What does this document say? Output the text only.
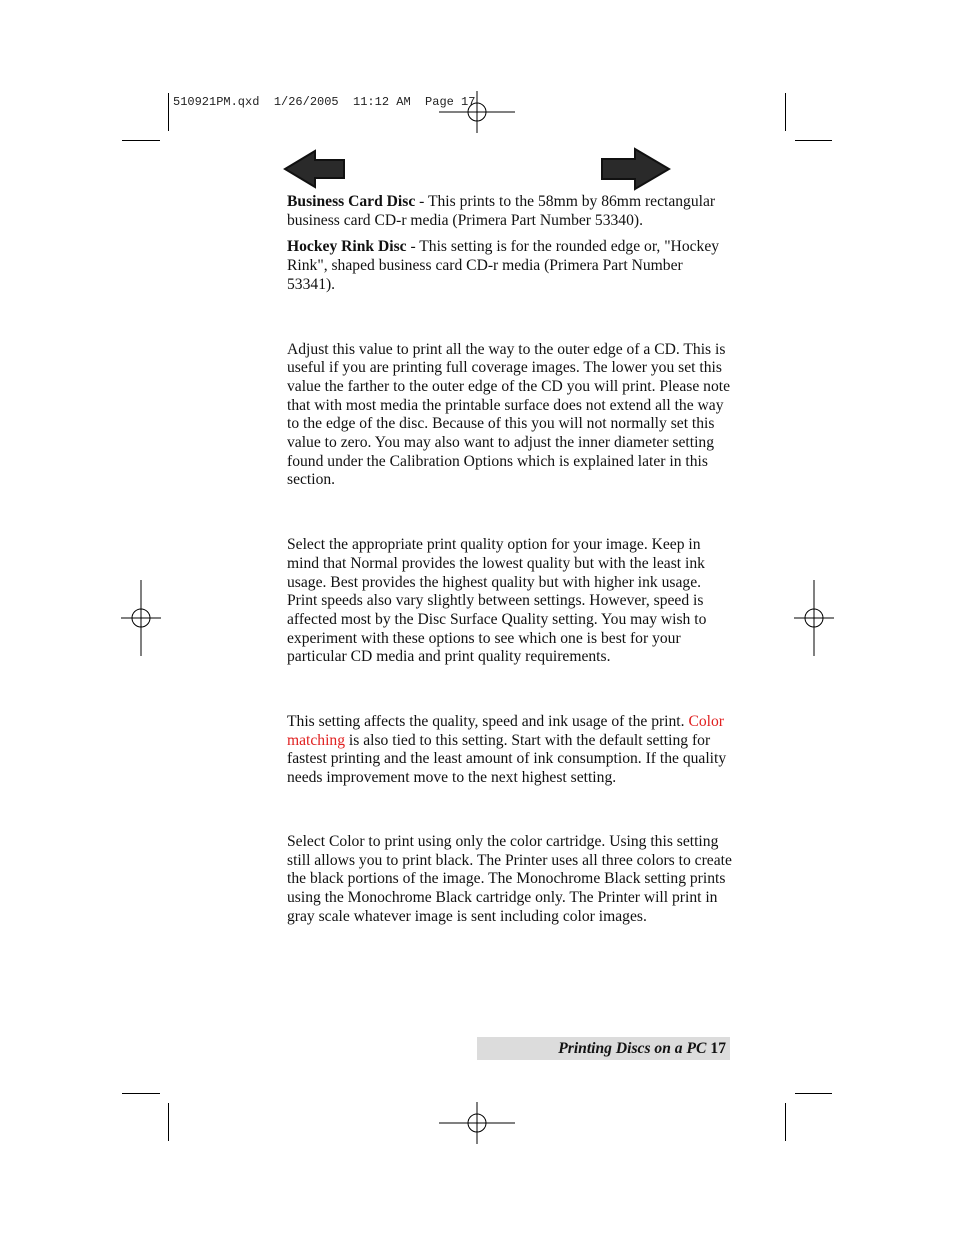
510921PM.qxd  1/26/2005  11:12 AM  Page 17

Business Card Disc - This prints to the 58mm by 86mm rectangular business card CD-r media (Primera Part Number 53340).

Hockey Rink Disc - This setting is for the rounded edge or, "Hockey Rink", shaped business card CD-r media (Primera Part Number 53341).

Adjust this value to print all the way to the outer edge of a CD. This is useful if you are printing full coverage images. The lower you set this value the farther to the outer edge of the CD you will print. Please note that with most media the printable surface does not extend all the way to the edge of the disc. Because of this you will not normally set this value to zero. You may also want to adjust the inner diameter setting found under the Calibration Options which is explained later in this section.

Select the appropriate print quality option for your image. Keep in mind that Normal provides the lowest quality but with the least ink usage. Best provides the highest quality but with higher ink usage. Print speeds also vary slightly between settings. However, speed is affected most by the Disc Surface Quality setting. You may wish to experiment with these options to see which one is best for your particular CD media and print quality requirements.

This setting affects the quality, speed and ink usage of the print. Color matching is also tied to this setting. Start with the default setting for fastest printing and the least amount of ink consumption. If the quality needs improvement move to the next highest setting.

Select Color to print using only the color cartridge. Using this setting still allows you to print black. The Printer uses all three colors to create the black portions of the image. The Monochrome Black setting prints using the Monochrome Black cartridge only. The Printer will print in gray scale whatever image is sent including color images.

Printing Discs on a PC 17
